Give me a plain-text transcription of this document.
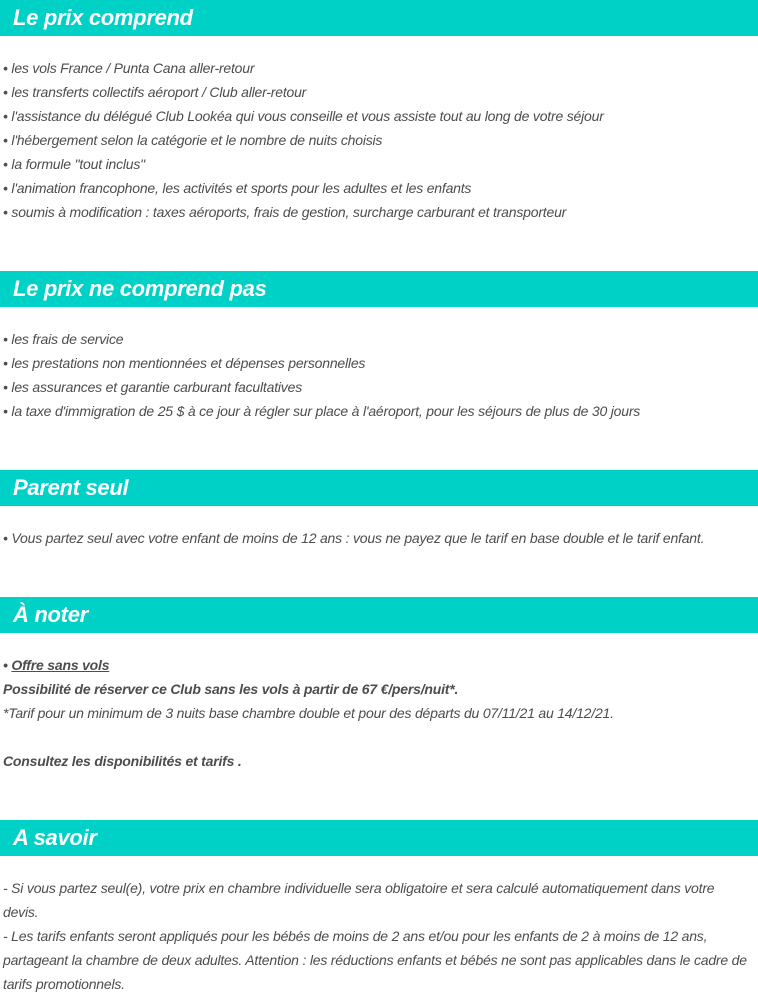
Le prix comprend

• les vols France / Punta Cana aller-retour

• les transferts collectifs aéroport / Club aller-retour

• l'assistance du délégué Club Lookéa qui vous conseille et vous assiste tout au long de votre séjour

• l'hébergement selon la catégorie et le nombre de nuits choisis

• la formule "tout inclus"

• l'animation francophone, les activités et sports pour les adultes et les enfants

• soumis à modification : taxes aéroports, frais de gestion, surcharge carburant et transporteur

Le prix ne comprend pas

• les frais de service

• les prestations non mentionnées et dépenses personnelles

• les assurances et garantie carburant facultatives

• la taxe d'immigration de 25 $ à ce jour à régler sur place à l'aéroport, pour les séjours de plus de 30 jours

Parent seul

• Vous partez seul avec votre enfant de moins de 12 ans : vous ne payez que le tarif en base double et le tarif enfant.

À noter

• Offre sans vols

Possibilité de réserver ce Club sans les vols à partir de 67 €/pers/nuit*.

*Tarif pour un minimum de 3 nuits base chambre double et pour des départs du 07/11/21 au 14/12/21.

Consultez les disponibilités et tarifs .

A savoir

- Si vous partez seul(e), votre prix en chambre individuelle sera obligatoire et sera calculé automatiquement dans votre devis.

- Les tarifs enfants seront appliqués pour les bébés de moins de 2 ans et/ou pour les enfants de 2 à moins de 12 ans, partageant la chambre de deux adultes. Attention : les réductions enfants et bébés ne sont pas applicables dans le cadre de tarifs promotionnels.
